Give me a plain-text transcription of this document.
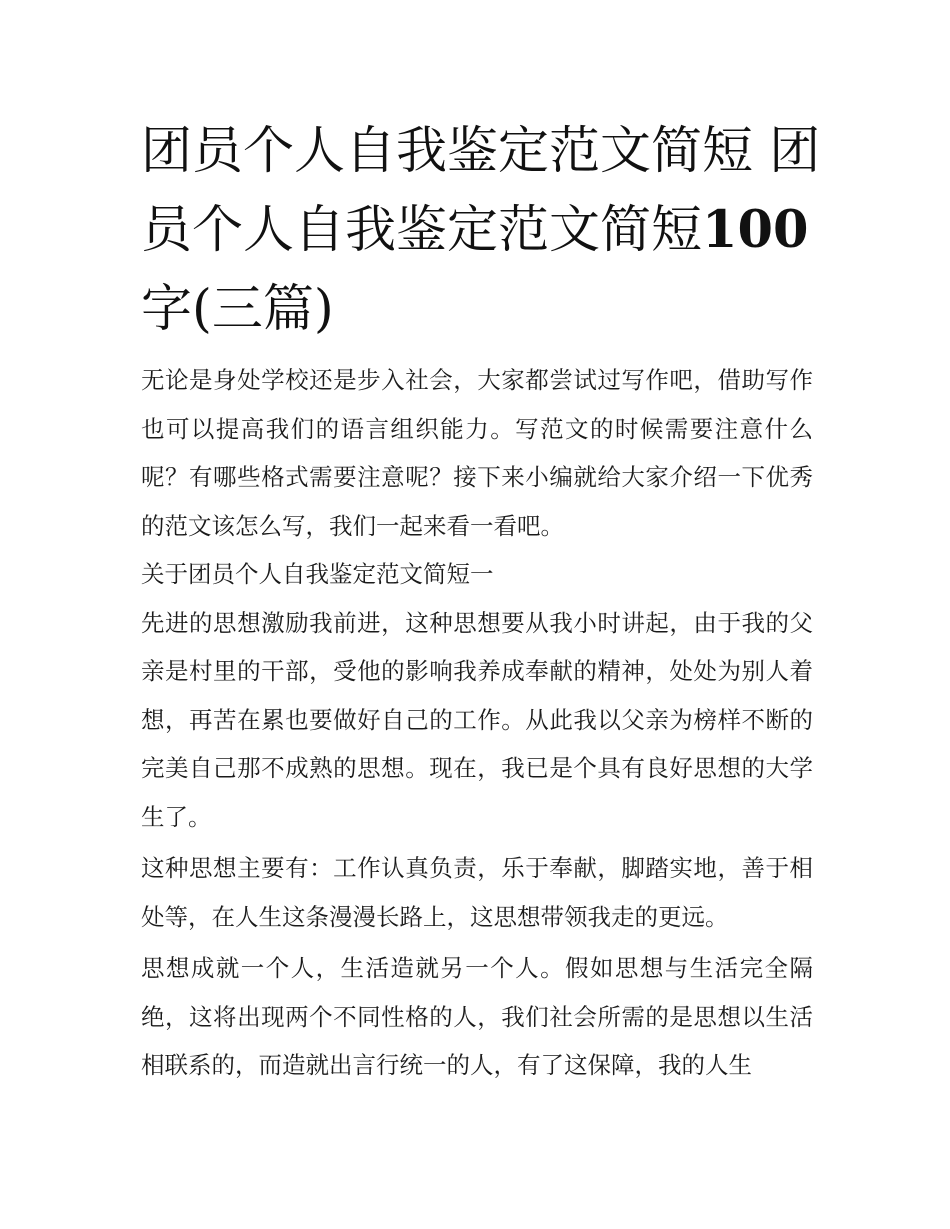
团员个人自我鉴定范文简短 团员个人自我鉴定范文简短100字(三篇)

无论是身处学校还是步入社会，大家都尝试过写作吧，借助写作也可以提高我们的语言组织能力。写范文的时候需要注意什么呢？有哪些格式需要注意呢？接下来小编就给大家介绍一下优秀的范文该怎么写，我们一起来看一看吧。

关于团员个人自我鉴定范文简短一

先进的思想激励我前进，这种思想要从我小时讲起，由于我的父亲是村里的干部，受他的影响我养成奉献的精神，处处为别人着想，再苦在累也要做好自己的工作。从此我以父亲为榜样不断的完美自己那不成熟的思想。现在，我已是个具有良好思想的大学生了。

这种思想主要有：工作认真负责，乐于奉献，脚踏实地，善于相处等，在人生这条漫漫长路上，这思想带领我走的更远。

思想成就一个人，生活造就另一个人。假如思想与生活完全隔绝，这将出现两个不同性格的人，我们社会所需的是思想以生活相联系的，而造就出言行统一的人，有了这保障，我的人生
